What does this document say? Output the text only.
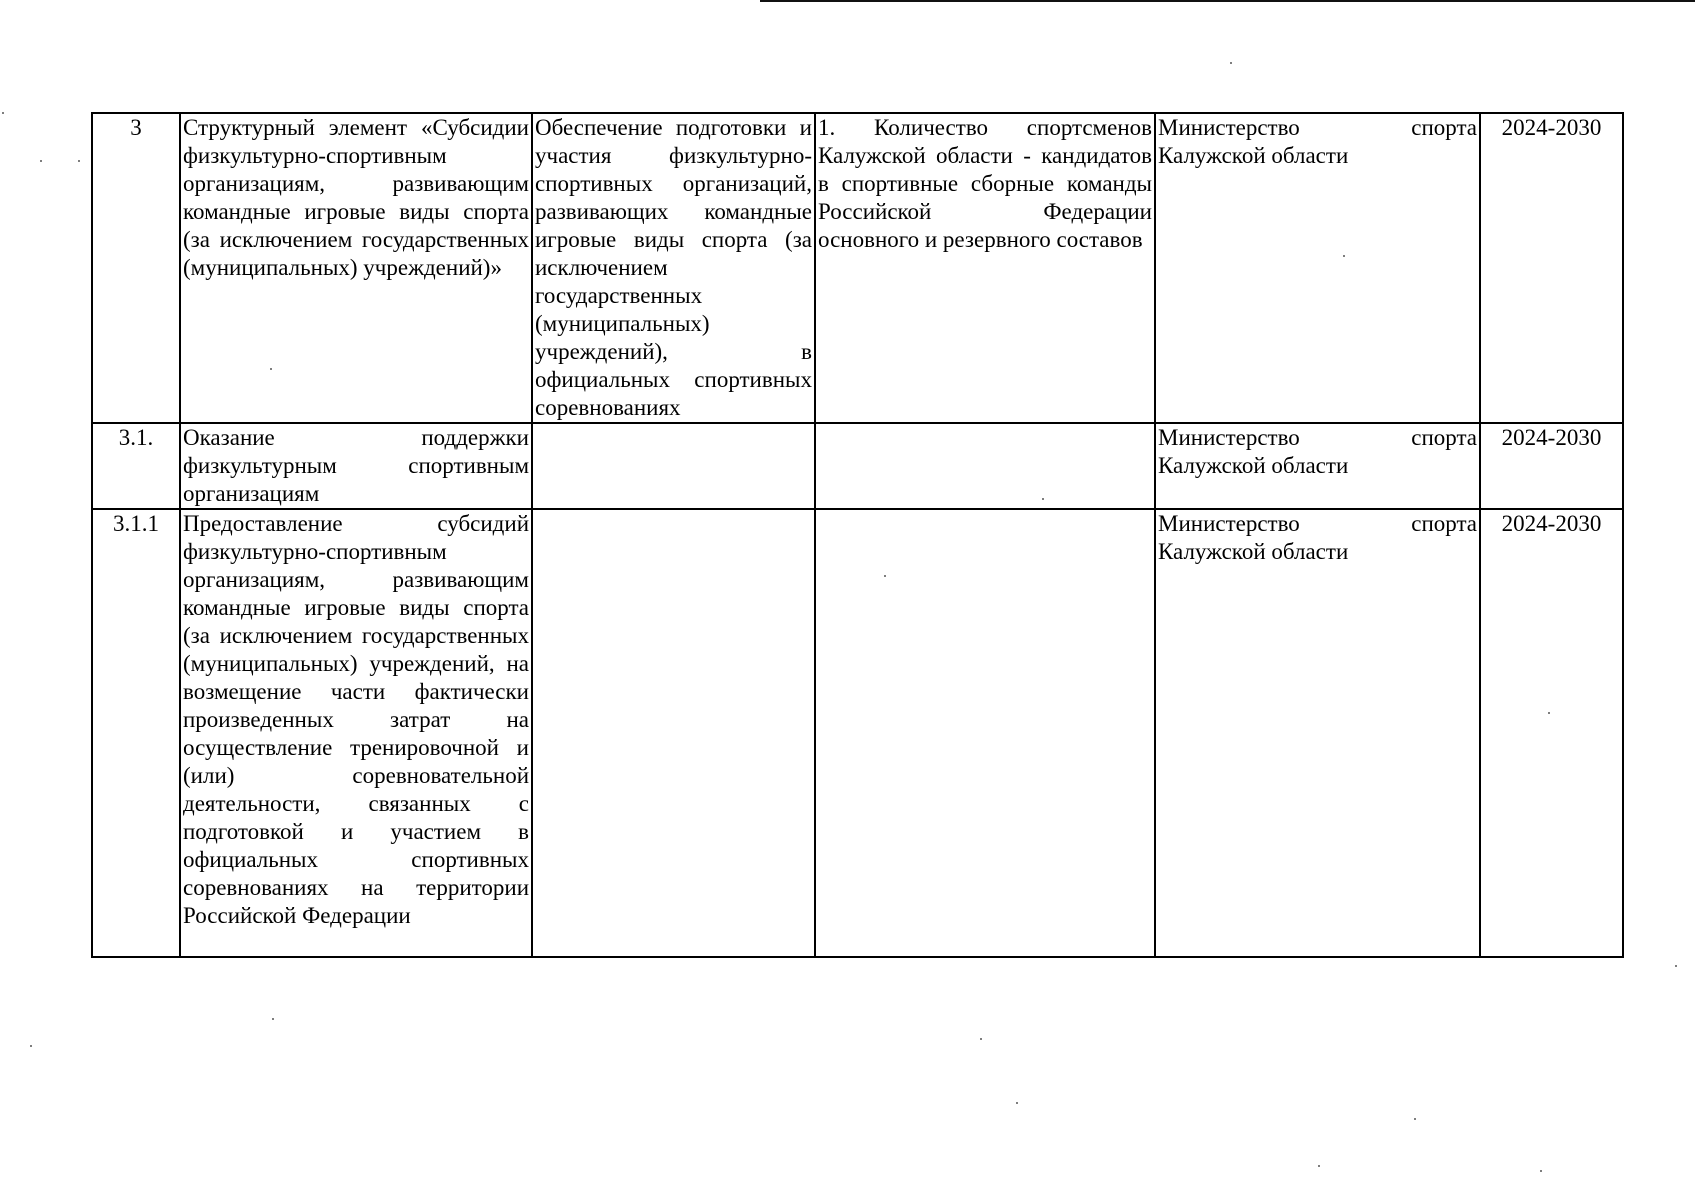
3	Структурный элемент «Субсидии физкультурно-спортивным организациям, развивающим командные игровые виды спорта (за исключением государственных (муниципальных) учреждений)»	Обеспечение подготовки и участия физкультурно-спортивных организаций, развивающих командные игровые виды спорта (за исключением государственных (муниципальных) учреждений), в официальных спортивных соревнованиях	1. Количество спортсменов Калужской области - кандидатов в спортивные сборные команды Российской Федерации основного и резервного составов	Министерство спорта Калужской области	2024-2030
3.1.	Оказание поддержки физкультурным спортивным организациям			Министерство спорта Калужской области	2024-2030
3.1.1	Предоставление субсидий физкультурно-спортивным организациям, развивающим командные игровые виды спорта (за исключением государственных (муниципальных) учреждений, на возмещение части фактически произведенных затрат на осуществление тренировочной и (или) соревновательной деятельности, связанных с подготовкой и участием в официальных спортивных соревнованиях на территории Российской Федерации			Министерство спорта Калужской области	2024-2030
